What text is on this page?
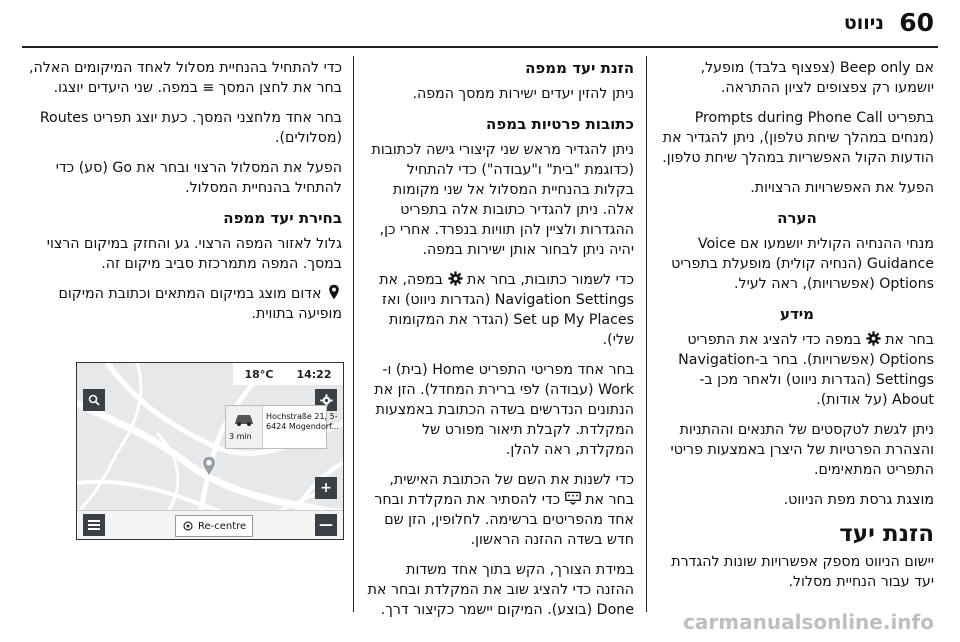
60
ניווט

אם Beep only (צפצוף בלבד) מופעל, יושמעו רק צפצופים לציון ההתראה.

בתפריט Prompts during Phone Call (מנחים במהלך שיחת טלפון), ניתן להגדיר את הודעות הקול האפשריות במהלך שיחת טלפון.

הפעל את האפשרויות הרצויות.

הערה

מנחי ההנחיה הקולית יושמעו אם Voice Guidance (הנחיה קולית) מופעלת בתפריט Options (אפשרויות), ראה לעיל.

מידע

בחר את  במפה כדי להציג את התפריט Options (אפשרויות). בחר ב-Navigation Settings (הגדרות ניווט) ולאחר מכן ב-About (על אודות).

ניתן לגשת לטקסטים של התנאים וההתניות והצהרת הפרטיות של היצרן באמצעות פריטי התפריט המתאימים.

מוצגת גרסת מפת הניווט.

הזנת יעד

יישום הניווט מספק אפשרויות שונות להגדרת יעד עבור הנחיית מסלול.

הזנת יעד ממפה

ניתן להזין יעדים ישירות ממסך המפה.

כתובות פרטיות במפה

ניתן להגדיר מראש שני קיצורי גישה לכתובות (כדוגמת "בית" ו"עבודה") כדי להתחיל בקלות בהנחיית המסלול אל שני מקומות אלה. ניתן להגדיר כתובות אלה בתפריט ההגדרות ולציין להן תוויות בנפרד. אחרי כן, יהיה ניתן לבחור אותן ישירות במפה.

כדי לשמור כתובות, בחר את  במפה, את Navigation Settings (הגדרות ניווט) ואז Set up My Places (הגדר את המקומות שלי).

בחר אחד מפריטי התפריט Home (בית) ו-Work (עבודה) לפי ברירת המחדל). הזן את הנתונים הנדרשים בשדה הכתובת באמצעות המקלדת. לקבלת תיאור מפורט של המקלדת, ראה להלן.

כדי לשנות את השם של הכתובת האישית, בחר את  כדי להסתיר את המקלדת ובחר אחד מהפריטים ברשימה. לחלופין, הזן שם חדש בשדה ההזנה הראשון.

במידת הצורך, הקש בתוך אחד משדות ההזנה כדי להציג שוב את המקלדת ובחר את Done (בוצע). המיקום יישמר כקיצור דרך.

כדי להתחיל בהנחיית מסלול לאחד המיקומים האלה, בחר את לחצן המסך ≡ במפה. שני היעדים יוצגו.

בחר אחד מלחצני המסך. כעת יוצג תפריט Routes (מסלולים).

הפעל את המסלול הרצוי ובחר את Go (סע) כדי להתחיל בהנחיית המסלול.

בחירת יעד ממפה

גלול לאזור המפה הרצוי. גע והחזק במיקום הרצוי במסך. המפה מתמרכזת סביב מיקום זה.

אדום מוצג במיקום המתאים וכתובת המיקום מופיעה בתווית.

18°C 14:22
3 min
Hochstraße 21, 5-
6424 Mogendorf...
+
Re-centre	—
carmanualsonline.info
